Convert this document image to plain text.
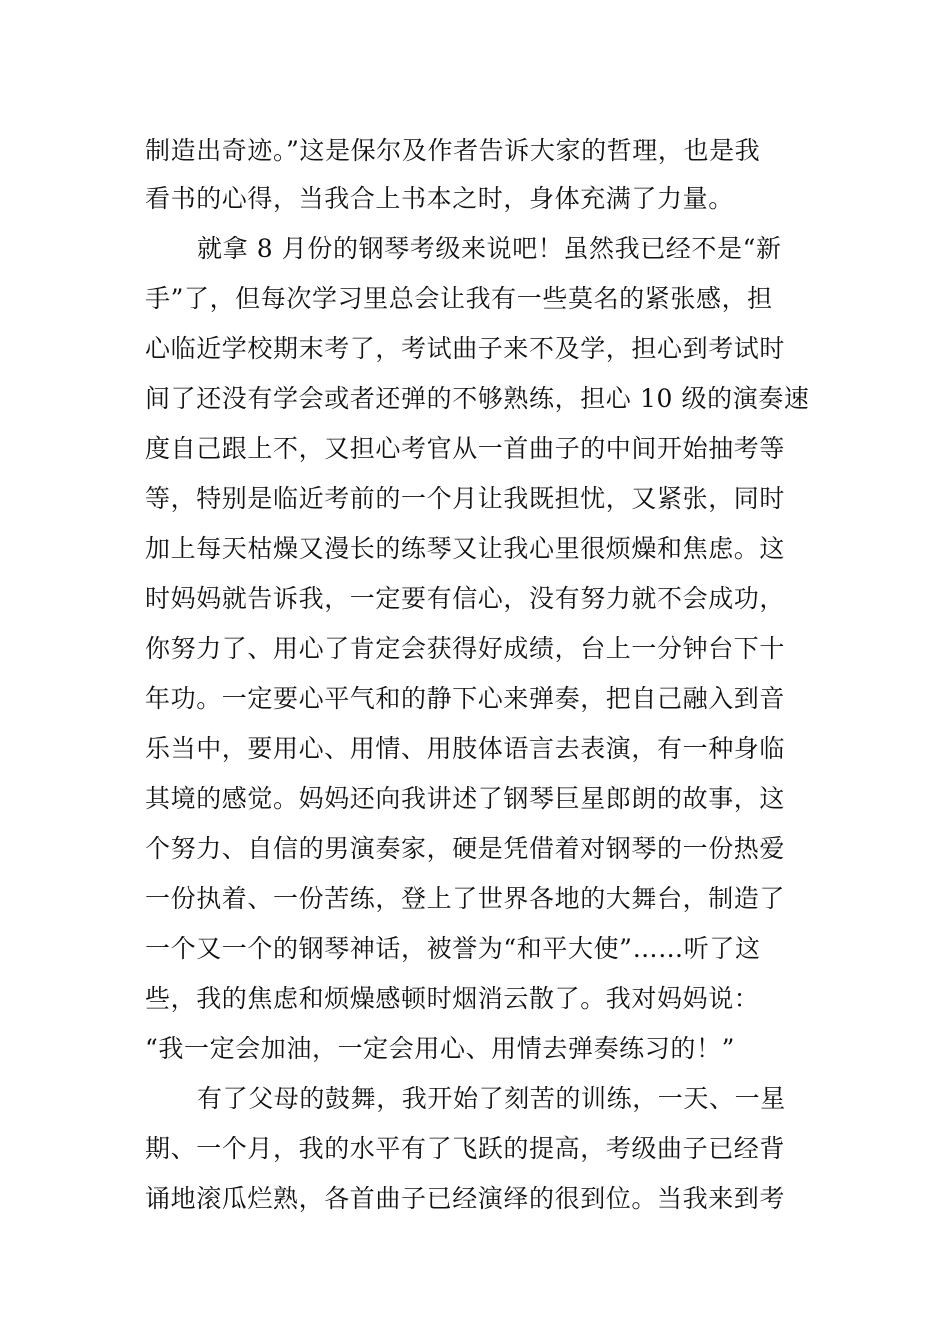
制造出奇迹。”这是保尔及作者告诉大家的哲理，也是我
看书的心得，当我合上书本之时，身体充满了力量。
就拿 8 月份的钢琴考级来说吧！虽然我已经不是“新
手”了，但每次学习里总会让我有一些莫名的紧张感，担
心临近学校期末考了，考试曲子来不及学，担心到考试时
间了还没有学会或者还弹的不够熟练，担心 10 级的演奏速
度自己跟上不，又担心考官从一首曲子的中间开始抽考等
等，特别是临近考前的一个月让我既担忧，又紧张，同时
加上每天枯燥又漫长的练琴又让我心里很烦燥和焦虑。这
时妈妈就告诉我，一定要有信心，没有努力就不会成功，
你努力了、用心了肯定会获得好成绩，台上一分钟台下十
年功。一定要心平气和的静下心来弹奏，把自己融入到音
乐当中，要用心、用情、用肢体语言去表演，有一种身临
其境的感觉。妈妈还向我讲述了钢琴巨星郎朗的故事，这
个努力、自信的男演奏家，硬是凭借着对钢琴的一份热爱
一份执着、一份苦练，登上了世界各地的大舞台，制造了
一个又一个的钢琴神话，被誉为“和平大使”……听了这
些，我的焦虑和烦燥感顿时烟消云散了。我对妈妈说：
“我一定会加油，一定会用心、用情去弹奏练习的！”
有了父母的鼓舞，我开始了刻苦的训练，一天、一星
期、一个月，我的水平有了飞跃的提高，考级曲子已经背
诵地滚瓜烂熟，各首曲子已经演绎的很到位。当我来到考
